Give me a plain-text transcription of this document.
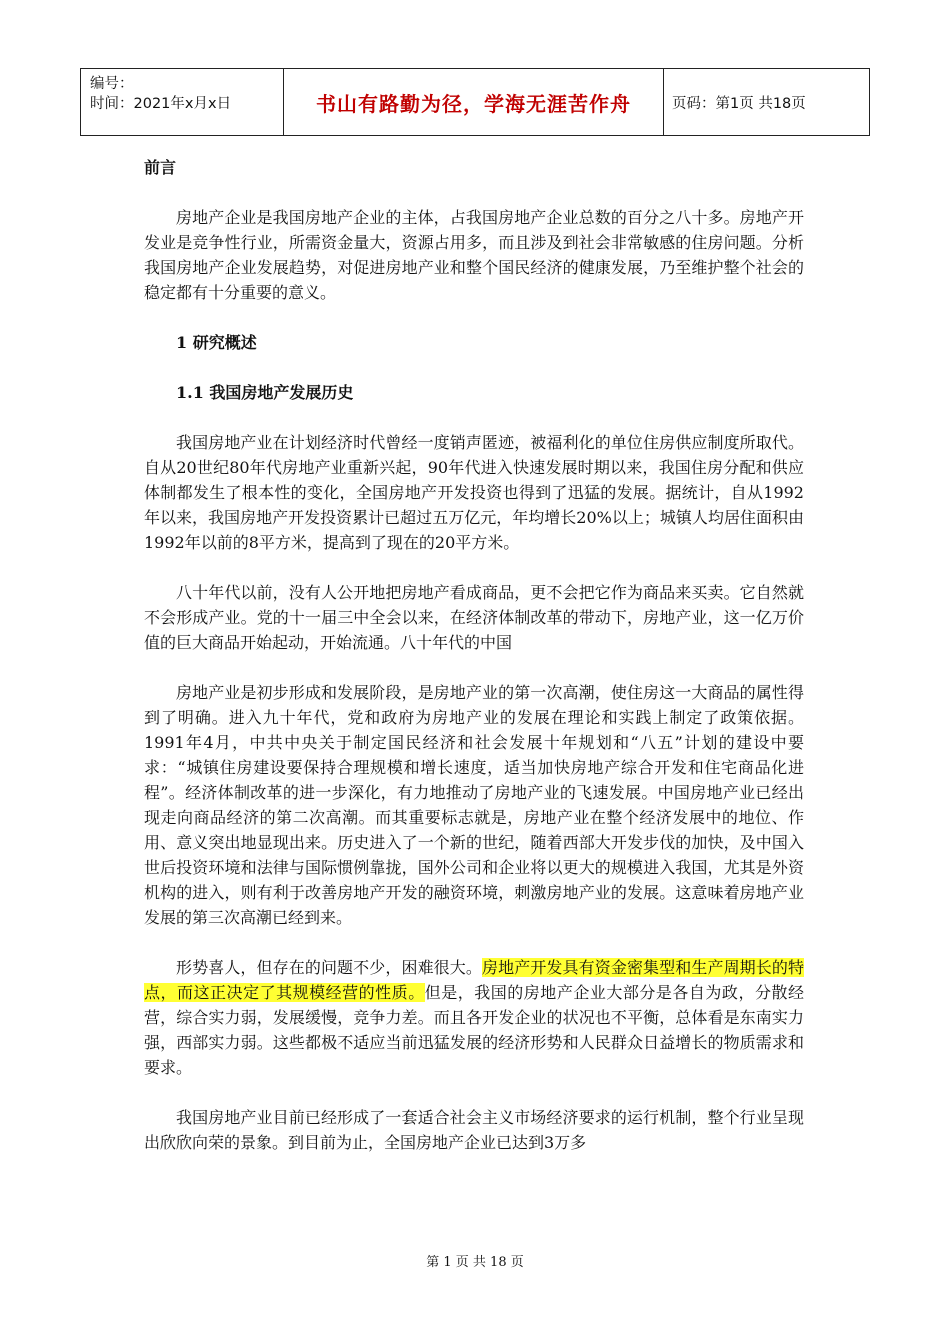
编号：
时间：2021年x月x日	书山有路勤为径，学海无涯苦作舟	页码：第1页 共18页

前言

房地产企业是我国房地产企业的主体，占我国房地产企业总数的百分之八十多。房地产开发业是竞争性行业，所需资金量大，资源占用多，而且涉及到社会非常敏感的住房问题。分析我国房地产企业发展趋势，对促进房地产业和整个国民经济的健康发展，乃至维护整个社会的稳定都有十分重要的意义。

1 研究概述

1.1 我国房地产发展历史

我国房地产业在计划经济时代曾经一度销声匿迹，被福利化的单位住房供应制度所取代。自从20世纪80年代房地产业重新兴起，90年代进入快速发展时期以来，我国住房分配和供应体制都发生了根本性的变化，全国房地产开发投资也得到了迅猛的发展。据统计，自从1992年以来，我国房地产开发投资累计已超过五万亿元，年均增长20%以上；城镇人均居住面积由1992年以前的8平方米，提高到了现在的20平方米。

八十年代以前，没有人公开地把房地产看成商品，更不会把它作为商品来买卖。它自然就不会形成产业。党的十一届三中全会以来，在经济体制改革的带动下，房地产业，这一亿万价值的巨大商品开始起动，开始流通。八十年代的中国

房地产业是初步形成和发展阶段，是房地产业的第一次高潮，使住房这一大商品的属性得到了明确。进入九十年代，党和政府为房地产业的发展在理论和实践上制定了政策依据。1991年4月，中共中央关于制定国民经济和社会发展十年规划和“八五”计划的建设中要求：“城镇住房建设要保持合理规模和增长速度，适当加快房地产综合开发和住宅商品化进程”。经济体制改革的进一步深化，有力地推动了房地产业的飞速发展。中国房地产业已经出现走向商品经济的第二次高潮。而其重要标志就是，房地产业在整个经济发展中的地位、作用、意义突出地显现出来。历史进入了一个新的世纪，随着西部大开发步伐的加快，及中国入世后投资环境和法律与国际惯例靠拢，国外公司和企业将以更大的规模进入我国，尤其是外资机构的进入，则有利于改善房地产开发的融资环境，刺激房地产业的发展。这意味着房地产业发展的第三次高潮已经到来。

形势喜人，但存在的问题不少，困难很大。房地产开发具有资金密集型和生产周期长的特点，而这正决定了其规模经营的性质。但是，我国的房地产企业大部分是各自为政，分散经营，综合实力弱，发展缓慢，竞争力差。而且各开发企业的状况也不平衡，总体看是东南实力强，西部实力弱。这些都极不适应当前迅猛发展的经济形势和人民群众日益增长的物质需求和要求。

我国房地产业目前已经形成了一套适合社会主义市场经济要求的运行机制，整个行业呈现出欣欣向荣的景象。到目前为止，全国房地产企业已达到3万多

第 1 页 共 18 页
